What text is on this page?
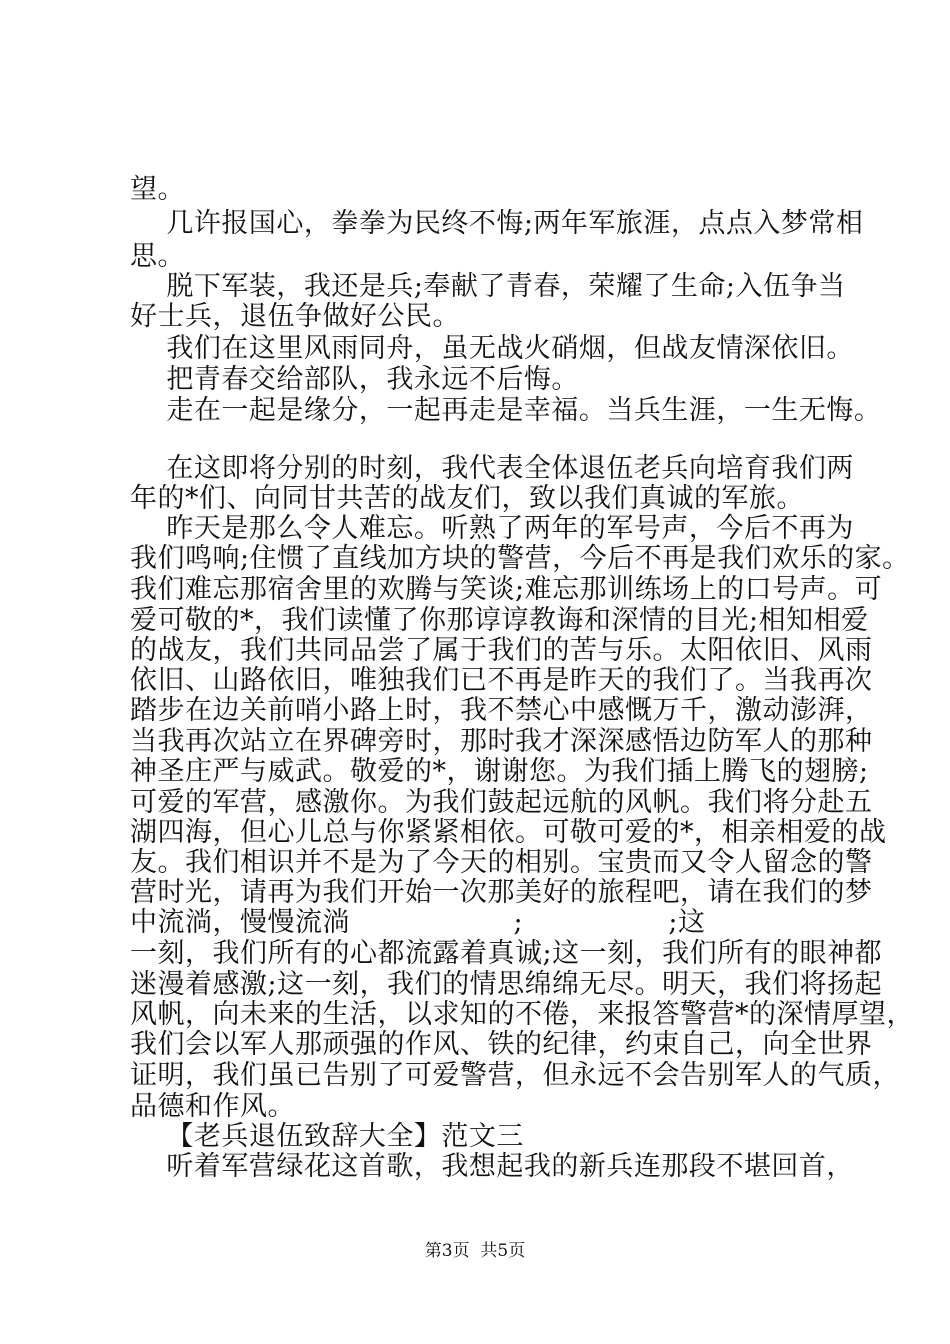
望。
几许报国心，拳拳为民终不悔;两年军旅涯，点点入梦常相
思。
脱下军装，我还是兵;奉献了青春，荣耀了生命;入伍争当
好士兵，退伍争做好公民。
我们在这里风雨同舟，虽无战火硝烟，但战友情深依旧。
把青春交给部队，我永远不后悔。
走在一起是缘分，一起再走是幸福。当兵生涯，一生无悔。
在这即将分别的时刻，我代表全体退伍老兵向培育我们两
年的*们、向同甘共苦的战友们，致以我们真诚的军旅。
昨天是那么令人难忘。听熟了两年的军号声，今后不再为
我们鸣响;住惯了直线加方块的警营，今后不再是我们欢乐的家。
我们难忘那宿舍里的欢腾与笑谈;难忘那训练场上的口号声。可
爱可敬的*，我们读懂了你那谆谆教诲和深情的目光;相知相爱
的战友，我们共同品尝了属于我们的苦与乐。太阳依旧、风雨
依旧、山路依旧，唯独我们已不再是昨天的我们了。当我再次
踏步在边关前哨小路上时，我不禁心中感慨万千，激动澎湃，
当我再次站立在界碑旁时，那时我才深深感悟边防军人的那种
神圣庄严与威武。敬爱的*，谢谢您。为我们插上腾飞的翅膀;
可爱的军营，感激你。为我们鼓起远航的风帆。我们将分赴五
湖四海，但心儿总与你紧紧相依。可敬可爱的*，相亲相爱的战
友。我们相识并不是为了今天的相别。宝贵而又令人留念的警
营时光，请再为我们开始一次那美好的旅程吧，请在我们的梦
中流淌，慢慢流淌                  ;                ;这
一刻，我们所有的心都流露着真诚;这一刻，我们所有的眼神都
迷漫着感激;这一刻，我们的情思绵绵无尽。明天，我们将扬起
风帆，向未来的生活，以求知的不倦，来报答警营*的深情厚望，
我们会以军人那顽强的作风、铁的纪律，约束自己，向全世界
证明，我们虽已告别了可爱警营，但永远不会告别军人的气质，
品德和作风。
【老兵退伍致辞大全】范文三
听着军营绿花这首歌，我想起我的新兵连那段不堪回首，
第3页  共5页
